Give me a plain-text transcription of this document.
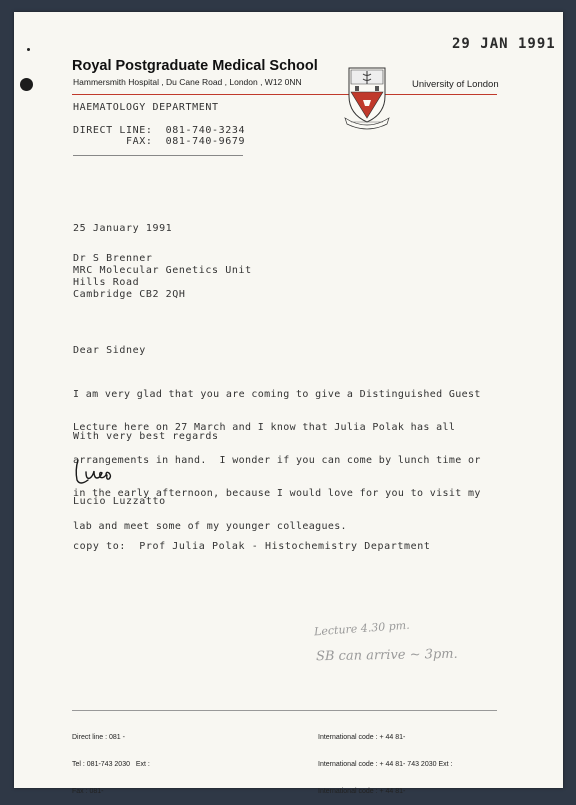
29 JAN 1991
Royal Postgraduate Medical School
Hammersmith Hospital , Du Cane Road , London , W12 0NN	University of London
HAEMATOLOGY DEPARTMENT
DIRECT LINE:  081-740-3234
FAX:  081-740-9679
25 January 1991
Dr S Brenner
MRC Molecular Genetics Unit
Hills Road
Cambridge CB2 2QH
Dear Sidney

I am very glad that you are coming to give a Distinguished Guest

Lecture here on 27 March and I know that Julia Polak has all

arrangements in hand.  I wonder if you can come by lunch time or

in the early afternoon, because I would love for you to visit my

lab and meet some of my younger colleagues.

With very best regards
Lucio Luzzatto
copy to:  Prof Julia Polak - Histochemistry Department
Lecture 4.30 pm.
SB can arrive ~ 3pm.

Direct line : 081 -

Tel : 081-743 2030   Ext :

Fax : 081-

International code : + 44 81-

International code : + 44 81- 743 2030 Ext :

International code : + 44 81-
